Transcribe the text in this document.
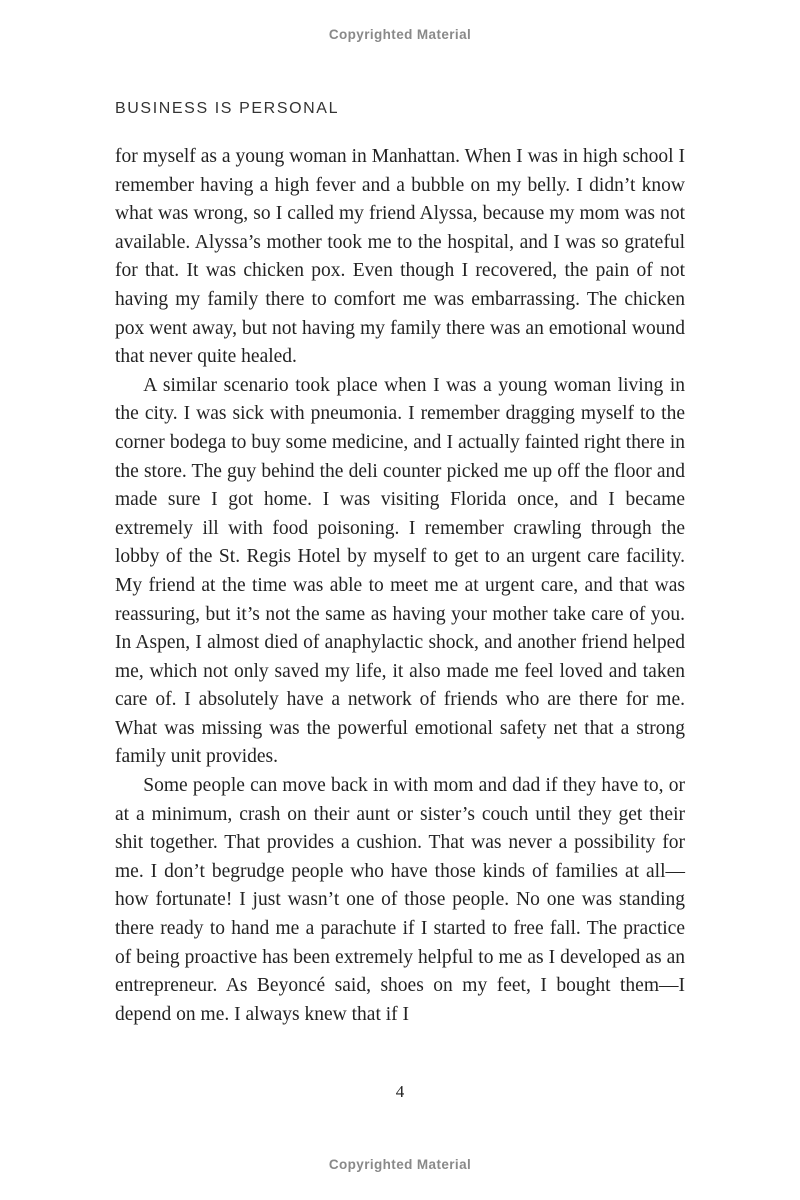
Copyrighted Material
BUSINESS IS PERSONAL

for myself as a young woman in Manhattan. When I was in high school I remember having a high fever and a bubble on my belly. I didn’t know what was wrong, so I called my friend Alyssa, because my mom was not available. Alyssa’s mother took me to the hospital, and I was so grateful for that. It was chicken pox. Even though I recovered, the pain of not having my family there to comfort me was embarrassing. The chicken pox went away, but not having my family there was an emotional wound that never quite healed.

A similar scenario took place when I was a young woman living in the city. I was sick with pneumonia. I remember dragging myself to the corner bodega to buy some medicine, and I actually fainted right there in the store. The guy behind the deli counter picked me up off the floor and made sure I got home. I was visiting Florida once, and I became extremely ill with food poisoning. I remember crawling through the lobby of the St. Regis Hotel by myself to get to an urgent care facility. My friend at the time was able to meet me at urgent care, and that was reassuring, but it’s not the same as having your mother take care of you. In Aspen, I almost died of anaphylactic shock, and another friend helped me, which not only saved my life, it also made me feel loved and taken care of. I absolutely have a network of friends who are there for me. What was missing was the powerful emotional safety net that a strong family unit provides.

Some people can move back in with mom and dad if they have to, or at a minimum, crash on their aunt or sister’s couch until they get their shit together. That provides a cushion. That was never a possibility for me. I don’t begrudge people who have those kinds of families at all—how fortunate! I just wasn’t one of those people. No one was standing there ready to hand me a parachute if I started to free fall. The practice of being proactive has been extremely helpful to me as I developed as an entrepreneur. As Beyoncé said, shoes on my feet, I bought them—I depend on me. I always knew that if I

4
Copyrighted Material
